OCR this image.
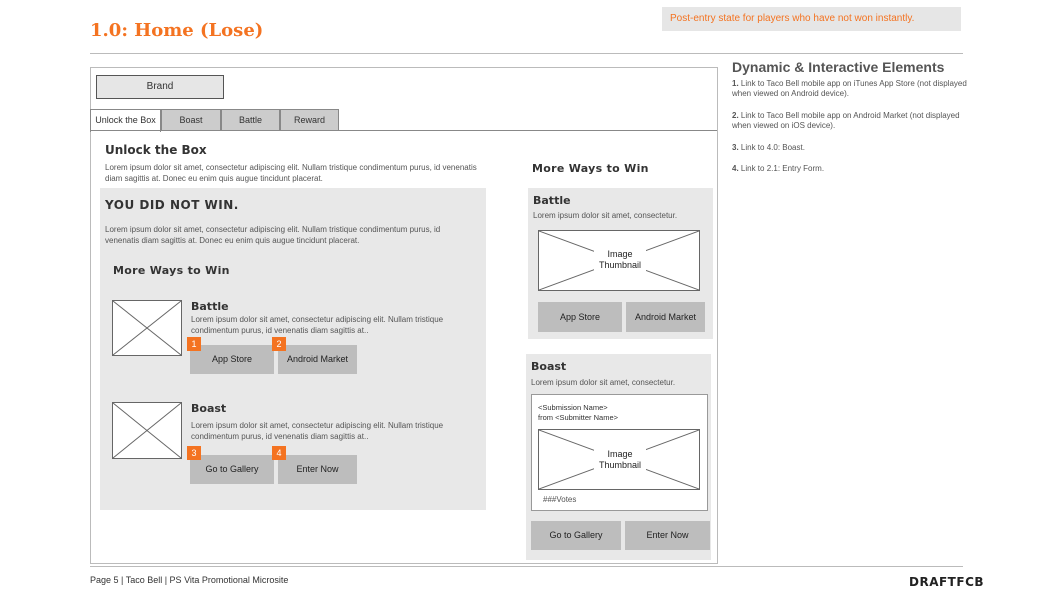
1.0: Home (Lose)
Post-entry state for players who have not won instantly.
Brand
Unlock the Box	Boast	Battle	Reward
Unlock the Box

Lorem ipsum dolor sit amet, consectetur adipiscing elit. Nullam tristique condimentum purus, id venenatis diam sagittis at. Donec eu enim quis augue tincidunt placerat.

YOU DID NOT WIN.

Lorem ipsum dolor sit amet, consectetur adipiscing elit. Nullam tristique condimentum purus, id venenatis diam sagittis at. Donec eu enim quis augue tincidunt placerat.

More Ways to Win
Battle

Lorem ipsum dolor sit amet, consectetur adipiscing elit. Nullam tristique condimentum purus, id venenatis diam sagittis at..

App Store
1
Android Market
2
Boast

Lorem ipsum dolor sit amet, consectetur adipiscing elit. Nullam tristique condimentum purus, id venenatis diam sagittis at..

Go to Gallery
3
Enter Now
4
More Ways to Win
Battle

Lorem ipsum dolor sit amet, consectetur.

Image Thumbnail
App Store	Android Market
Boast

Lorem ipsum dolor sit amet, consectetur.

<Submission Name>
from <Submitter Name>
Image Thumbnail
###Votes
Go to Gallery	Enter Now
Dynamic & Interactive Elements
1. Link to Taco Bell mobile app on iTunes App Store (not displayed when viewed on Android device).
2. Link to Taco Bell mobile app on Android Market (not displayed when viewed on iOS device).
3. Link to 4.0: Boast.
4. Link to 2.1: Entry Form.
Page 5 | Taco Bell | PS Vita Promotional Microsite	DRAFTFCB
